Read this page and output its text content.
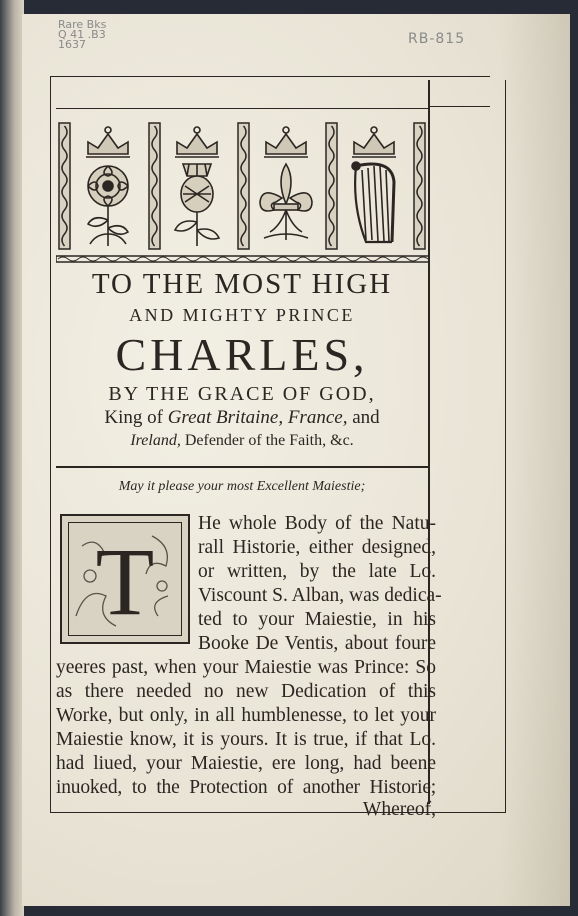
Rare Bks Q 41 .B3 1637	RB-815
TO THE MOST HIGH
AND MIGHTY PRINCE
CHARLES,
BY THE GRACE OF GOD,
King of Great Britaine, France, and
Ireland, Defender of the Faith, &c.
May it please your most Excellent Maiestie;
T
He whole Body of the Natu-
rall Historie, either designed,
or written, by the late Lo.
Viscount S. Alban, was dedica-
ted to your Maiestie, in his
Booke De Ventis, about foure
yeeres past, when your Maiestie was Prince: So
as there needed no new Dedication of this
Worke, but only, in all humblenesse, to let your
Maiestie know, it is yours. It is true, if that Lo.
had liued, your Maiestie, ere long, had beene
inuoked, to the Protection of another Historie;
Whereof,
